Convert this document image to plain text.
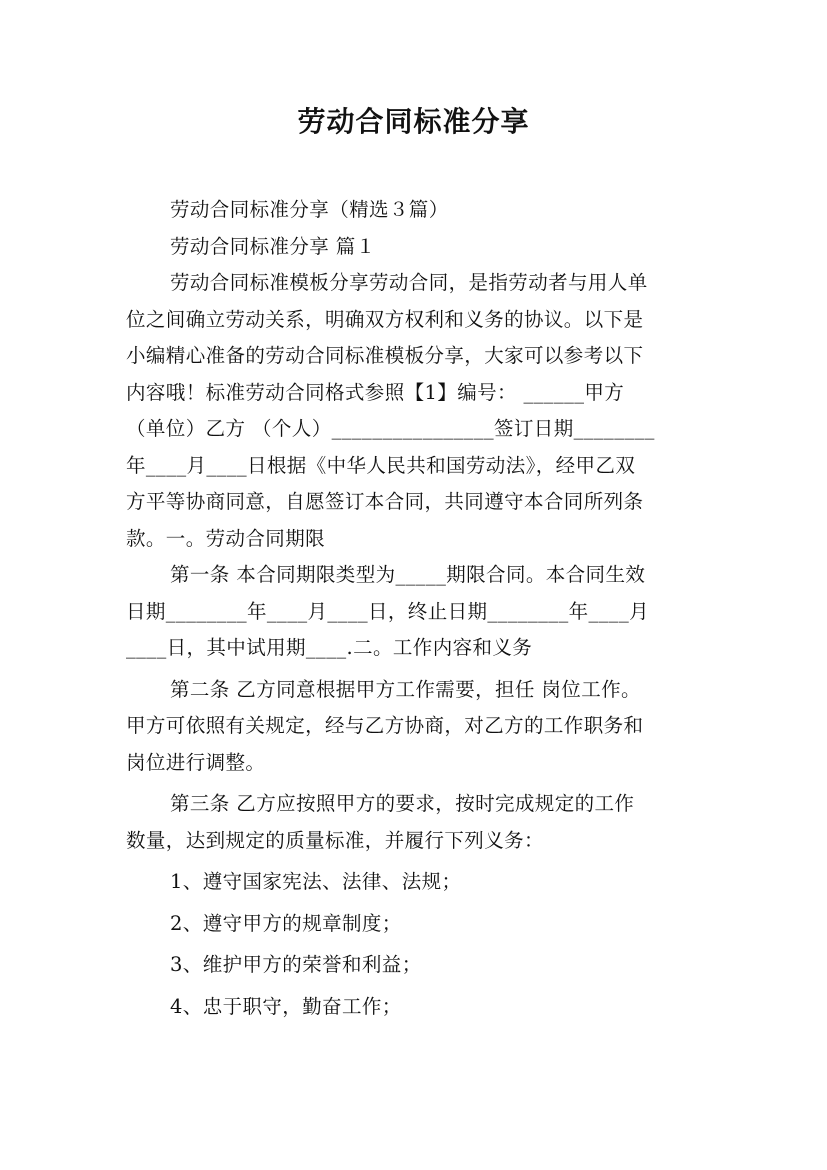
劳动合同标准分享
劳动合同标准分享（精选３篇）
劳动合同标准分享 篇１
劳动合同标准模板分享劳动合同，是指劳动者与用人单
位之间确立劳动关系，明确双方权利和义务的协议。以下是
小编精心准备的劳动合同标准模板分享，大家可以参考以下
内容哦！标准劳动合同格式参照【1】编号： ______甲方
（单位）乙方 （个人）________________签订日期________
年____月____日根据《中华人民共和国劳动法》，经甲乙双
方平等协商同意，自愿签订本合同，共同遵守本合同所列条
款。一。劳动合同期限
第一条 本合同期限类型为_____期限合同。本合同生效
日期________年____月____日，终止日期________年____月
____日，其中试用期____.二。工作内容和义务
第二条 乙方同意根据甲方工作需要，担任 岗位工作。
甲方可依照有关规定，经与乙方协商，对乙方的工作职务和
岗位进行调整。
第三条 乙方应按照甲方的要求，按时完成规定的工作
数量，达到规定的质量标准，并履行下列义务：
1、遵守国家宪法、法律、法规；
2、遵守甲方的规章制度；
3、维护甲方的荣誉和利益；
4、忠于职守，勤奋工作；
